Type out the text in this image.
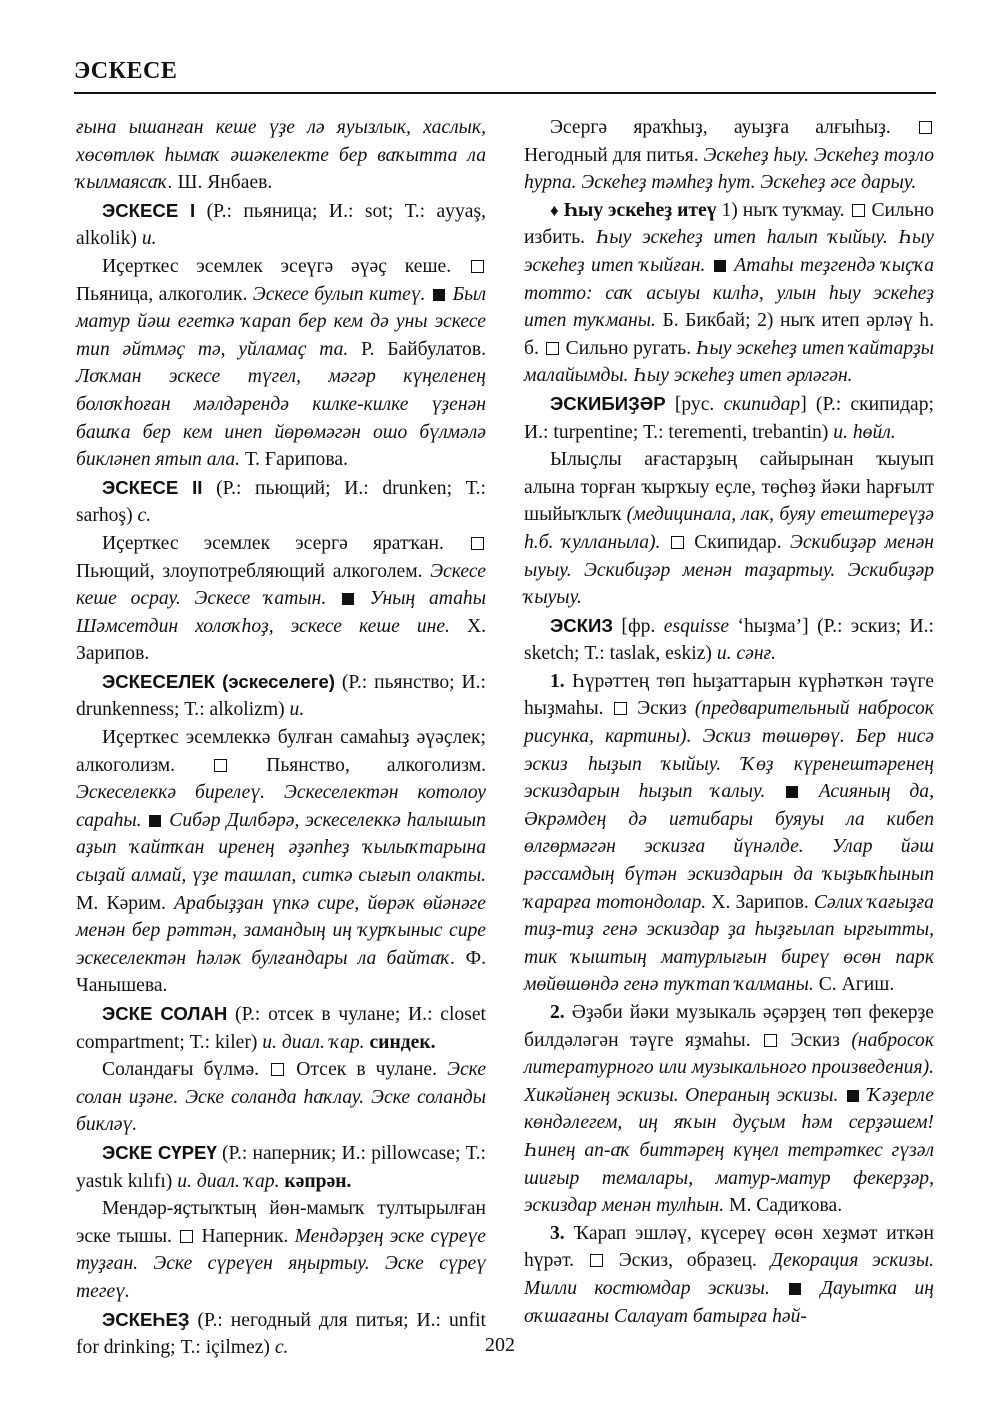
ЭСКЕСЕ

ғына ышанған кеше үҙе лә яуызлык, хаслык, хөсөтлөк һымаҡ әшәкелекте бер ваҡытта ла ҡылмаясаҡ. Ш. Янбаев.

ЭСКЕСЕ I (Р.: пьяница; И.: sot; Т.: ayyaş, alkolik) и.

Иҫерткес эсемлек эсеүгә әүәҫ кеше.  Пьяница, алкоголик. Эскесе булып китеү.  Был матур йәш егеткә ҡарап бер кем дә уны эскесе тип әйтмәҫ тә, уйламаҫ та. Р. Байбулатов. Лоҡман эскесе түгел, мәгәр күңеленең болоҡһоған мәлдәрендә килке-килке үҙенән башҡа бер кем инеп йөрөмәгән ошо бүлмәлә бикләнеп ятып ала. Т. Ғарипова.

ЭСКЕСЕ II (Р.: пьющий; И.: drunken; Т.: sarhoş) с.

Иҫерткес эсемлек эсергә яратҡан.  Пьющий, злоупотребляющий алкоголем. Эскесе кеше осрау. Эскесе ҡатын.  Уның атаһы Шәмсетдин холоҡһоҙ, эскесе кеше ине. Х. Зарипов.

ЭСКЕСЕЛЕК (эскеселеге) (Р.: пьянство; И.: drunkenness; Т.: alkolizm) и.

Иҫерткес эсемлеккә булған самаһыҙ әүәҫлек; алкоголизм.	Пьянство, алкоголизм. Эскеселеккә бирелеү. Эскеселектән котолоу сараһы.  Сибәр Дилбәрә, эскеселеккә һалышып аҙып ҡайтҡан иренең әҙәпһеҙ ҡылыҡтарына сыҙай алмай, үҙе ташлап, ситкә сығып олакты. М. Кәрим. Арабыҙҙан үпкә сире, йөрәк өйәнәге менән бер рәттән, замандың иң ҡурҡыныс сире эскеселектән һәләк булғандары ла байтаҡ. Ф. Чанышева.

ЭСКЕ СОЛАН (Р.: отсек в чулане; И.: closet compartment; Т.: kiler) и. диал. ҡар. синдек.

Соландағы бүлмә.  Отсек в чулане. Эске солан иҙәне. Эске соланда һаҡлау. Эске соланды бикләү.

ЭСКЕ СҮРЕҮ (Р.: наперник; И.: pillowcase; Т.: yastık kılıfı) и. диал. ҡар. кәпрән.

Мендәр-яҫтыҡтың йөн-мамыҡ тултырылған эске тышы.  Наперник. Мендәрҙең эске сүреүе туҙған. Эске сүреүен яңыртыу. Эске сүреү тегеү.

ЭСКЕҺЕҘ (Р.: негодный для питья; И.: unfit for drinking; Т.: içilmez) с.

Эсергә яраҡһыҙ, ауыҙға алғыһыҙ.  Негодный для питья. Эскеһеҙ һыу. Эскеһеҙ тоҙло һурпа. Эскеһеҙ тәмһеҙ һут. Эскеһеҙ әсе дарыу.

♦ Һыу эскеһеҙ итеү 1) ныҡ туҡмау.  Сильно избить. Һыу эскеһеҙ итеп һалып ҡыйыу. Һыу эскеһеҙ итеп ҡыйған.  Атаһы теҙгендә ҡыҫҡа тотто: саҡ асыуы килһә, улын һыу эскеһеҙ итеп туҡманы. Б. Бикбай; 2) ныҡ итеп әрләү һ. б.  Сильно ругать. Һыу эскеһеҙ итеп ҡайтарҙы малайымды. Һыу эскеһеҙ итеп әрләгән.

ЭСКИБИҘӘР [рус. скипидар] (Р.: скипидар; И.: turpentine; Т.: terementi, trebantin) и. һөйл.

Ылыҫлы ағастарҙың сайырынан ҡыуып алына торған ҡырҡыу еҫле, төҫһөҙ йәки һарғылт шыйыҡлыҡ (медицинала, лак, буяу етештереүҙә һ.б. ҡулланыла).  Скипидар. Эскибиҙәр менән ыуыу. Эскибиҙәр менән таҙартыу. Эскибиҙәр ҡыуыу.

ЭСКИЗ [фр. esquisse ‘һыҙма’] (Р.: эскиз; И.: sketch; Т.: taslak, eskiz) и. сәнғ.

1. Һүрәттең төп һыҙаттарын күрһәткән тәүге һыҙмаһы.  Эскиз (предварительный набросок рисунка, картины). Эскиз төшөрөү. Бер нисә эскиз һыҙып ҡыйыу. Ҡөҙ күренештәренең эскиздарын һыҙып ҡалыу.  Асияның да, Әкрәмдең дә иғтибары буяуы ла кибеп өлгөрмәгән эскизға йүнәлде. Улар йәш рәссамдың бүтән эскиздарын да ҡыҙыҡһынып ҡарарға тотондолар. Х. Зарипов. Сәлих ҡағыҙға тиҙ-тиҙ генә эскиздар ҙа һыҙғылап ырғытты, тик ҡыштың матурлығын биреү өсөн парк мөйөшөндә генә туҡтап ҡалманы. С. Агиш.

2. Әҙәби йәки музыкаль әҫәрҙең төп фекерҙе билдәләгән тәүге яҙмаһы.  Эскиз (набросок литературного или музыкального произведения). Хикәйәнең эскизы. Операның эскизы.  Ҡәҙерле көндәлегем, иң яҡын дуҫым һәм серҙәшем! Һинең ап-аҡ биттәрең күңел тетрәткес гүзәл шиғыр темалары, матур-матур фекерҙәр, эскиздар менән тулһын. М. Садиҡова.

3. Ҡарап эшләү, күсереү өсөн хеҙмәт иткән һүрәт.  Эскиз, образец. Декорация эскизы. Милли костюмдар эскизы.  Дауытка иң оҡшағаны Салауат батырға һәй-

202
